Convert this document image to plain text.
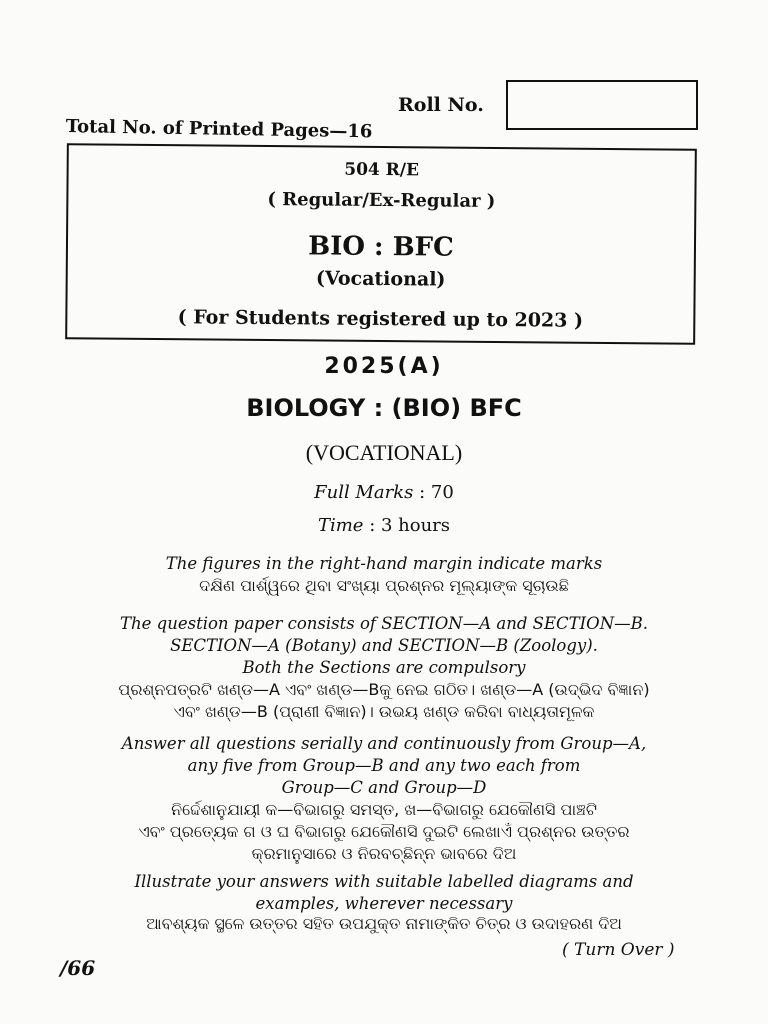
Roll No.
Total No. of Printed Pages—16
504 R/E
( Regular/Ex-Regular )
BIO : BFC
(Vocational)
( For Students registered up to 2023 )
2025(A)
BIOLOGY : (BIO) BFC
(VOCATIONAL)
Full Marks : 70
Time : 3 hours
The figures in the right-hand margin indicate marks
ଦକ୍ଷିଣ ପାର୍ଶ୍ୱରେ ଥିବା ସଂଖ୍ୟା ପ୍ରଶ୍ନର ମୂଲ୍ୟାଙ୍କ ସୂଚାଉଛି
The question paper consists of SECTION—A and SECTION—B.
SECTION—A (Botany) and SECTION—B (Zoology).
Both the Sections are compulsory
ପ୍ରଶ୍ନପତ୍ରଟି ଖଣ୍ଡ—A ଏବଂ ଖଣ୍ଡ—Bକୁ ନେଇ ଗଠିତ। ଖଣ୍ଡ—A (ଉଦ୍ଭିଦ ବିଜ୍ଞାନ)
ଏବଂ ଖଣ୍ଡ—B (ପ୍ରାଣୀ ବିଜ୍ଞାନ)। ଉଭୟ ଖଣ୍ଡ କରିବା ବାଧ୍ୟତାମୂଳକ
Answer all questions serially and continuously from Group—A,
any five from Group—B and any two each from
Group—C and Group—D
ନିର୍ଦ୍ଦେଶାନୁଯାୟୀ କ—ବିଭାଗରୁ ସମସ୍ତ, ଖ—ବିଭାଗରୁ ଯେକୌଣସି ପାଞ୍ଚଟି
ଏବଂ ପ୍ରତ୍ୟେକ ଗ ଓ ଘ ବିଭାଗରୁ ଯେକୌଣସି ଦୁଇଟି ଲେଖାଏଁ ପ୍ରଶ୍ନର ଉତ୍ତର
କ୍ରମାନୁସାରେ ଓ ନିରବଚ୍ଛିନ୍ନ ଭାବରେ ଦିଅ
Illustrate your answers with suitable labelled diagrams and
examples, wherever necessary
ଆବଶ୍ୟକ ସ୍ଥଳେ ଉତ୍ତର ସହିତ ଉପଯୁକ୍ତ ନାମାଙ୍କିତ ଚିତ୍ର ଓ ଉଦାହରଣ ଦିଅ
/66
( Turn Over )
